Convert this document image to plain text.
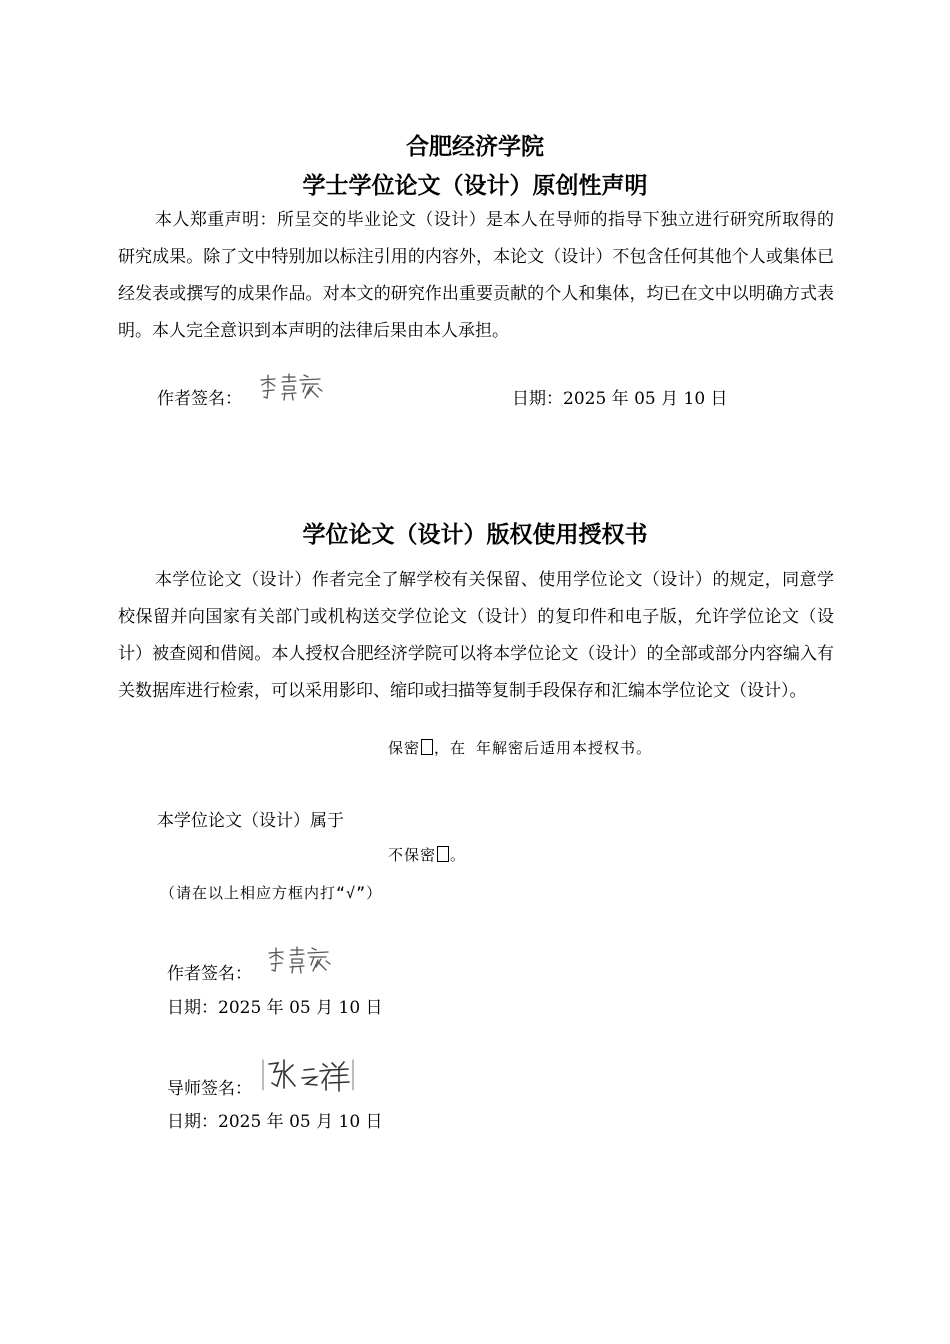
合肥经济学院
学士学位论文（设计）原创性声明

本人郑重声明：所呈交的毕业论文（设计）是本人在导师的指导下独立进行研究所取得的研究成果。除了文中特别加以标注引用的内容外，本论文（设计）不包含任何其他个人或集体已经发表或撰写的成果作品。对本文的研究作出重要贡献的个人和集体，均已在文中以明确方式表明。本人完全意识到本声明的法律后果由本人承担。

作者签名：	日期：2025 年 05 月 10 日
学位论文（设计）版权使用授权书

本学位论文（设计）作者完全了解学校有关保留、使用学位论文（设计）的规定，同意学校保留并向国家有关部门或机构送交学位论文（设计）的复印件和电子版，允许学位论文（设计）被查阅和借阅。本人授权合肥经济学院可以将本学位论文（设计）的全部或部分内容编入有关数据库进行检索，可以采用影印、缩印或扫描等复制手段保存和汇编本学位论文（设计）。

保密 ，在 年解密后适用本授权书。
本学位论文（设计）属于
不保密 。
（请在以上相应方框内打“√”）
作者签名：
日期：2025 年 05 月 10 日
导师签名：
日期：2025 年 05 月 10 日
